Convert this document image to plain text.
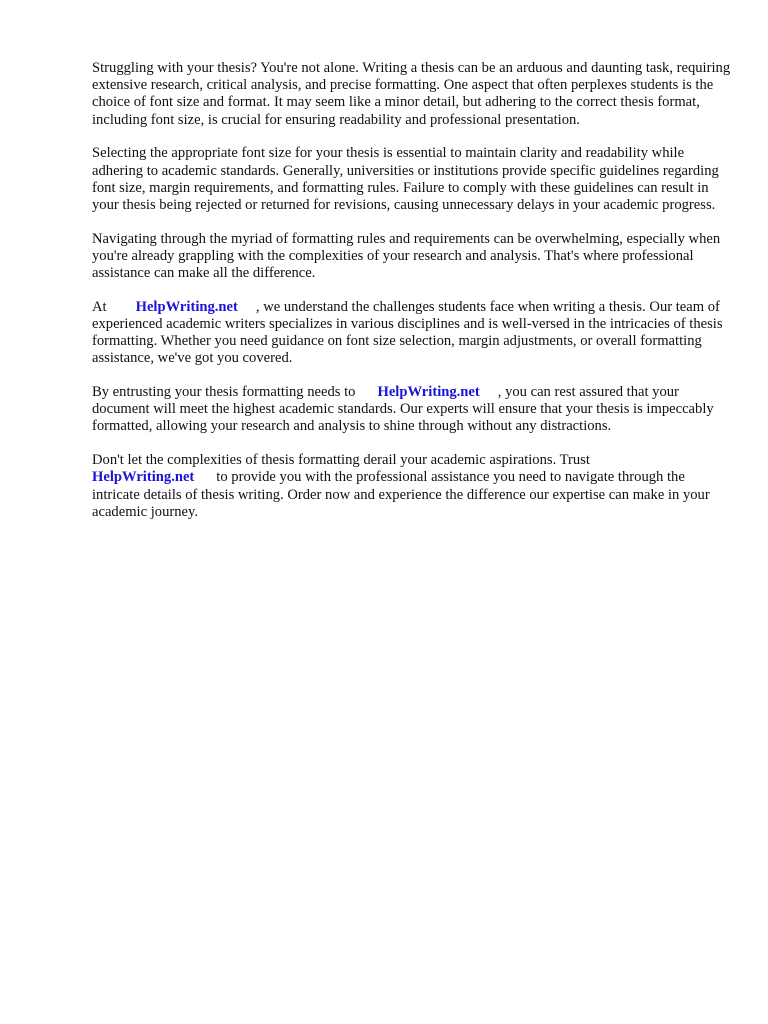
Struggling with your thesis? You're not alone. Writing a thesis can be an arduous and daunting task, requiring extensive research, critical analysis, and precise formatting. One aspect that often perplexes students is the choice of font size and format. It may seem like a minor detail, but adhering to the correct thesis format, including font size, is crucial for ensuring readability and professional presentation.

Selecting the appropriate font size for your thesis is essential to maintain clarity and readability while adhering to academic standards. Generally, universities or institutions provide specific guidelines regarding font size, margin requirements, and formatting rules. Failure to comply with these guidelines can result in your thesis being rejected or returned for revisions, causing unnecessary delays in your academic progress.

Navigating through the myriad of formatting rules and requirements can be overwhelming, especially when you're already grappling with the complexities of your research and analysis. That's where professional assistance can make all the difference.

At HelpWriting.net , we understand the challenges students face when writing a thesis. Our team of experienced academic writers specializes in various disciplines and is well-versed in the intricacies of thesis formatting. Whether you need guidance on font size selection, margin adjustments, or overall formatting assistance, we've got you covered.

By entrusting your thesis formatting needs to HelpWriting.net , you can rest assured that your document will meet the highest academic standards. Our experts will ensure that your thesis is impeccably formatted, allowing your research and analysis to shine through without any distractions.

Don't let the complexities of thesis formatting derail your academic aspirations. Trust
HelpWriting.net to provide you with the professional assistance you need to navigate through the intricate details of thesis writing. Order now and experience the difference our expertise can make in your academic journey.
